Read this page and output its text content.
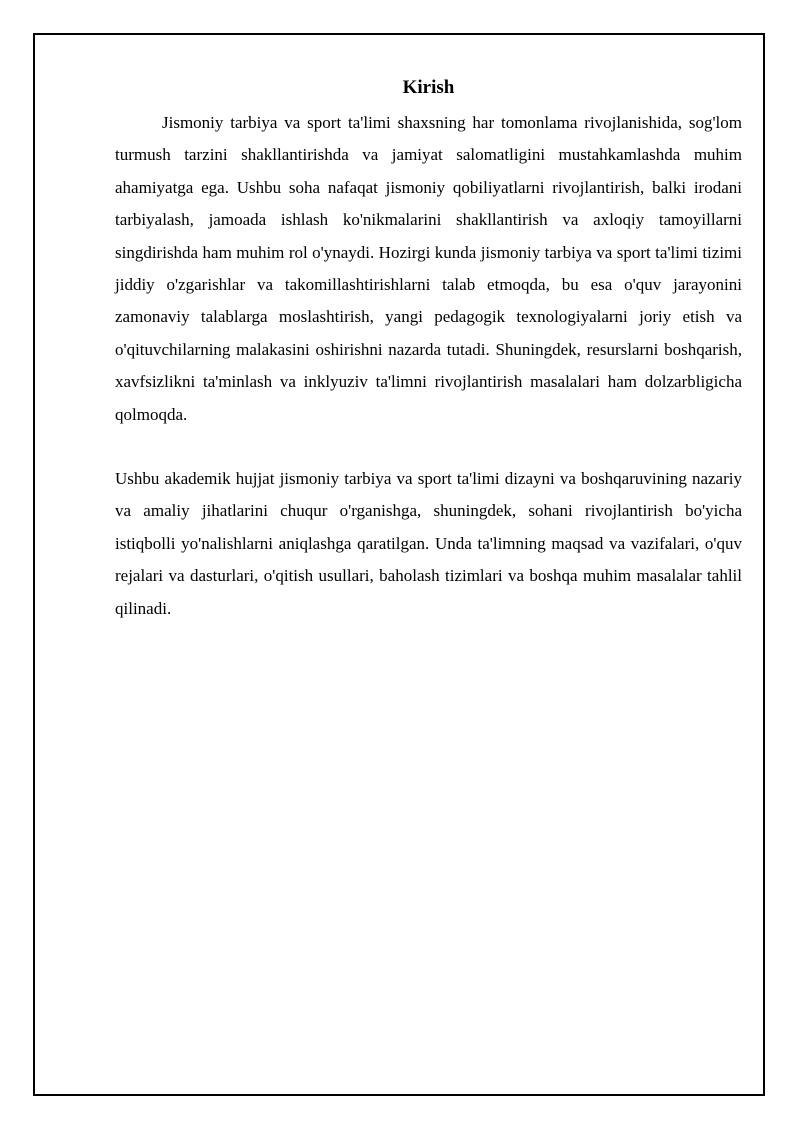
Kirish

Jismoniy tarbiya va sport ta'limi shaxsning har tomonlama rivojlanishida, sog'lom turmush tarzini shakllantirishda va jamiyat salomatligini mustahkamlashda muhim ahamiyatga ega. Ushbu soha nafaqat jismoniy qobiliyatlarni rivojlantirish, balki irodani tarbiyalash, jamoada ishlash ko'nikmalarini shakllantirish va axloqiy tamoyillarni singdirishda ham muhim rol o'ynaydi. Hozirgi kunda jismoniy tarbiya va sport ta'limi tizimi jiddiy o'zgarishlar va takomillashtirishlarni talab etmoqda, bu esa o'quv jarayonini zamonaviy talablarga moslashtirish, yangi pedagogik texnologiyalarni joriy etish va o'qituvchilarning malakasini oshirishni nazarda tutadi. Shuningdek, resurslarni boshqarish, xavfsizlikni ta'minlash va inklyuziv ta'limni rivojlantirish masalalari ham dolzarbligicha qolmoqda.

Ushbu akademik hujjat jismoniy tarbiya va sport ta'limi dizayni va boshqaruvining nazariy va amaliy jihatlarini chuqur o'rganishga, shuningdek, sohani rivojlantirish bo'yicha istiqbolli yo'nalishlarni aniqlashga qaratilgan. Unda ta'limning maqsad va vazifalari, o'quv rejalari va dasturlari, o'qitish usullari, baholash tizimlari va boshqa muhim masalalar tahlil qilinadi.
